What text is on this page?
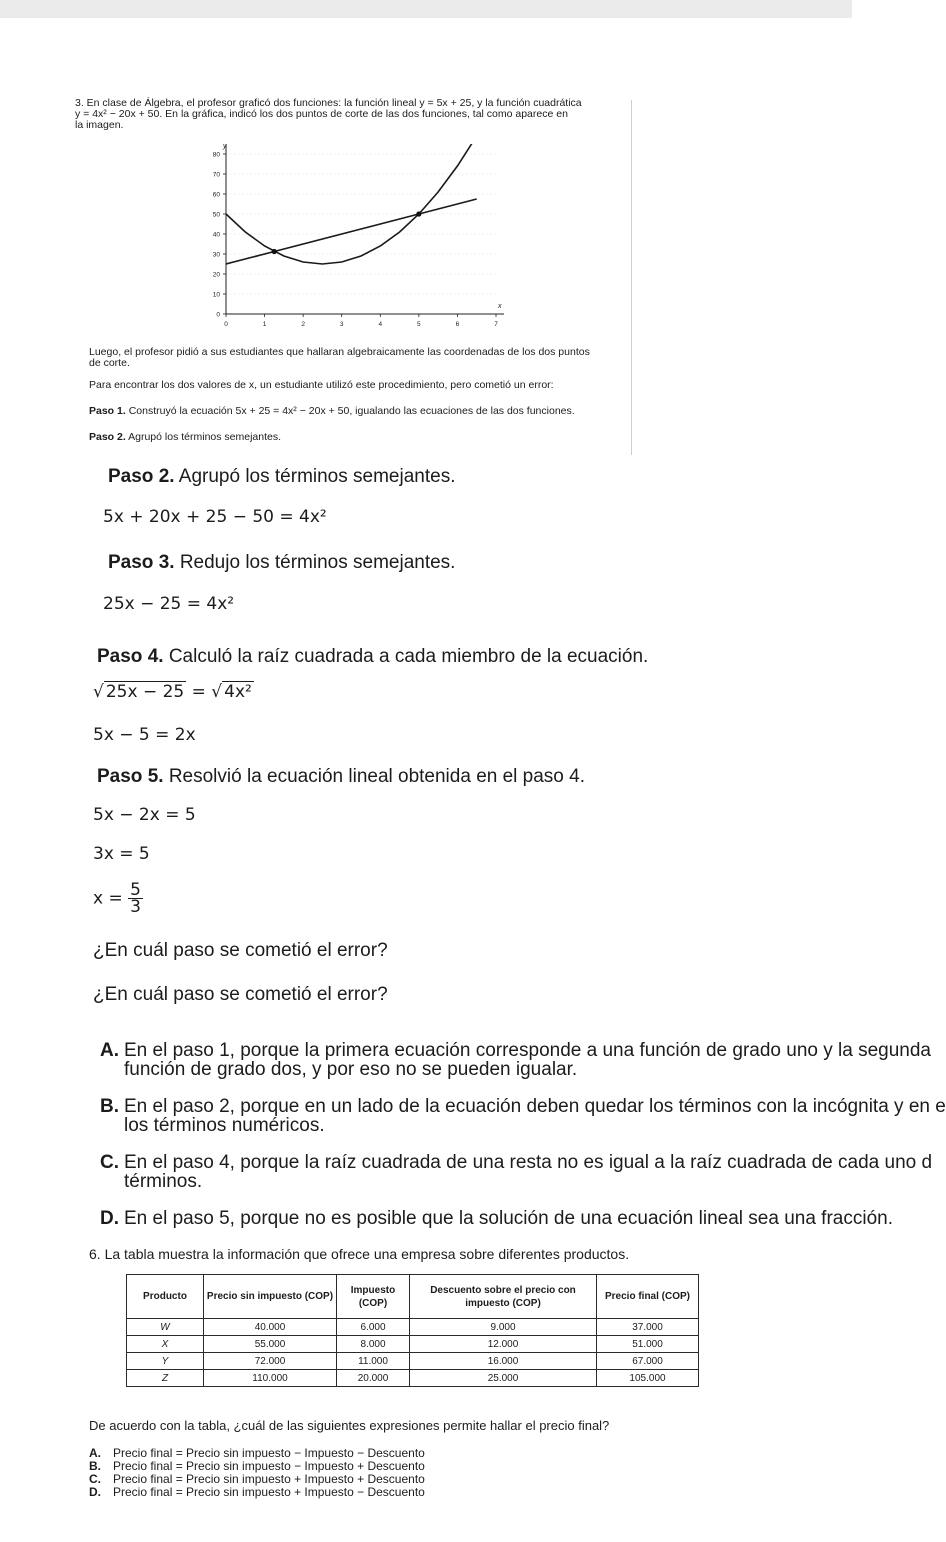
3. En clase de Álgebra, el profesor graficó dos funciones: la función lineal y = 5x + 25, y la función cuadrática
y = 4x² − 20x + 50. En la gráfica, indicó los dos puntos de corte de las dos funciones, tal como aparece en
la imagen.
x
y
0	1	2	3	4	5	6	7
0
10
20
30
40
50
60
70
80
Luego, el profesor pidió a sus estudiantes que hallaran algebraicamente las coordenadas de los dos puntos
de corte.
Para encontrar los dos valores de x, un estudiante utilizó este procedimiento, pero cometió un error:
Paso 1. Construyó la ecuación 5x + 25 = 4x² − 20x + 50, igualando las ecuaciones de las dos funciones.
Paso 2. Agrupó los términos semejantes.
Paso 2. Agrupó los términos semejantes.
5x + 20x + 25 − 50 = 4x²
Paso 3. Redujo los términos semejantes.
25x − 25 = 4x²
Paso 4. Calculó la raíz cuadrada a cada miembro de la ecuación.
√ 25x − 25 = √ 4x²
5x − 5 = 2x
Paso 5. Resolvió la ecuación lineal obtenida en el paso 4.
5x − 2x = 5
3x = 5
$x = \frac{5}{3}$
¿En cuál paso se cometió el error?
¿En cuál paso se cometió el error?
A. En el paso 1, porque la primera ecuación corresponde a una función de grado uno y la segunda
función de grado dos, y por eso no se pueden igualar.
B. En el paso 2, porque en un lado de la ecuación deben quedar los términos con la incógnita y en e
los términos numéricos.
C. En el paso 4, porque la raíz cuadrada de una resta no es igual a la raíz cuadrada de cada uno d
términos.
D. En el paso 5, porque no es posible que la solución de una ecuación lineal sea una fracción.
6. La tabla muestra la información que ofrece una empresa sobre diferentes productos.
Producto	Precio sin impuesto (COP)	Impuesto (COP)	Descuento sobre el precio con impuesto (COP)	Precio final (COP)
W	40.000	6.000	9.000	37.000
X	55.000	8.000	12.000	51.000
Y	72.000	11.000	16.000	67.000
Z	110.000	20.000	25.000	105.000
De acuerdo con la tabla, ¿cuál de las siguientes expresiones permite hallar el precio final?
A. Precio final = Precio sin impuesto − Impuesto − Descuento
B. Precio final = Precio sin impuesto − Impuesto + Descuento
C. Precio final = Precio sin impuesto + Impuesto + Descuento
D. Precio final = Precio sin impuesto + Impuesto − Descuento
